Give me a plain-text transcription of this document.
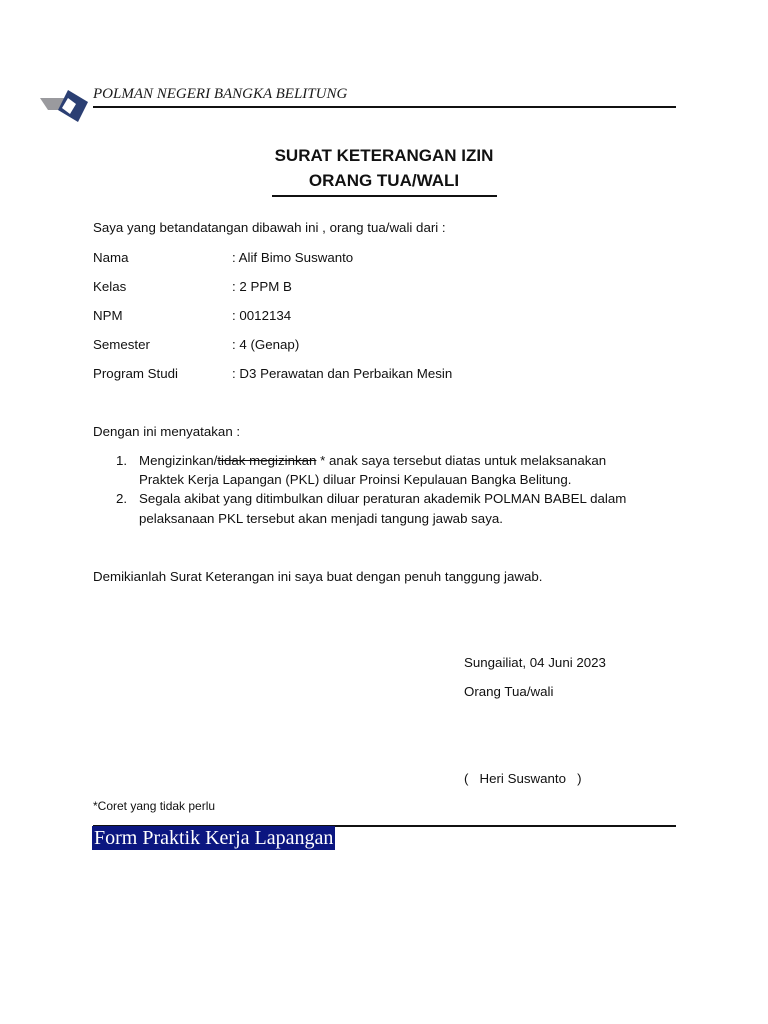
POLMAN NEGERI BANGKA BELITUNG
SURAT KETERANGAN IZIN
ORANG TUA/WALI
Saya yang betandatangan dibawah ini , orang tua/wali dari :
Nama	: Alif Bimo Suswanto
Kelas	: 2 PPM B
NPM	: 0012134
Semester	: 4 (Genap)
Program Studi	: D3 Perawatan dan Perbaikan Mesin
Dengan ini menyatakan :
1. Mengizinkan/tidak megizinkan * anak saya tersebut diatas untuk melaksanakan
Praktek Kerja Lapangan (PKL) diluar Proinsi Kepulauan Bangka Belitung.
2. Segala akibat yang ditimbulkan diluar peraturan akademik POLMAN BABEL dalam
pelaksanaan PKL tersebut akan menjadi tangung jawab saya.
Demikianlah Surat Keterangan ini saya buat dengan penuh tanggung jawab.
Sungailiat, 04 Juni 2023
Orang Tua/wali
(   Heri Suswanto   )
*Coret yang tidak perlu
Form Praktik Kerja Lapangan
